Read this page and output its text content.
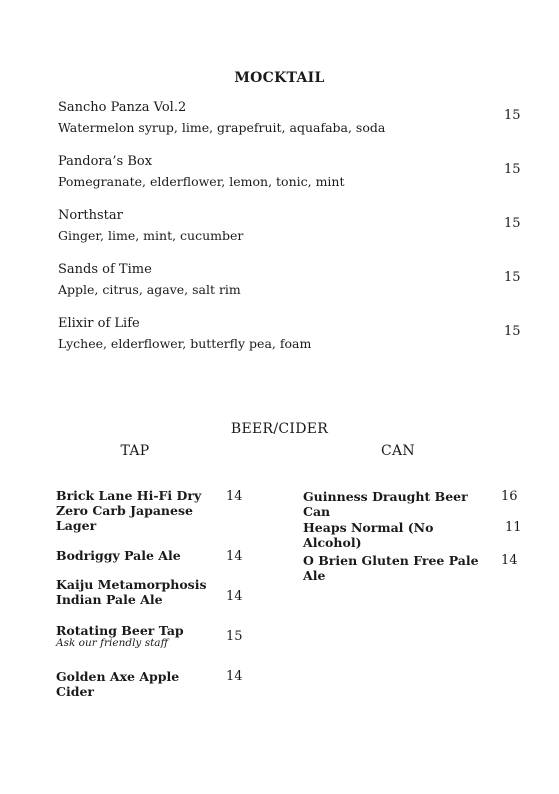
MOCKTAIL
Sancho Panza Vol.2
Watermelon syrup, lime, grapefruit, aquafaba, soda
15
Pandora’s Box
Pomegranate, elderflower, lemon, tonic, mint
15
Northstar
Ginger, lime, mint, cucumber
15
Sands of Time
Apple, citrus, agave, salt rim
15
Elixir of Life
Lychee, elderflower, butterfly pea, foam
15
BEER/CIDER
TAP	CAN
Brick Lane Hi-Fi Dry Zero Carb Japanese Lager
14
Bodriggy Pale Ale	14
Kaiju Metamorphosis Indian Pale Ale	14
Rotating Beer Tap
Ask our friendly staff	15
Golden Axe Apple Cider
14
Guinness Draught Beer Can
16
Heaps Normal (No Alcohol)
11
O Brien Gluten Free Pale Ale
14
